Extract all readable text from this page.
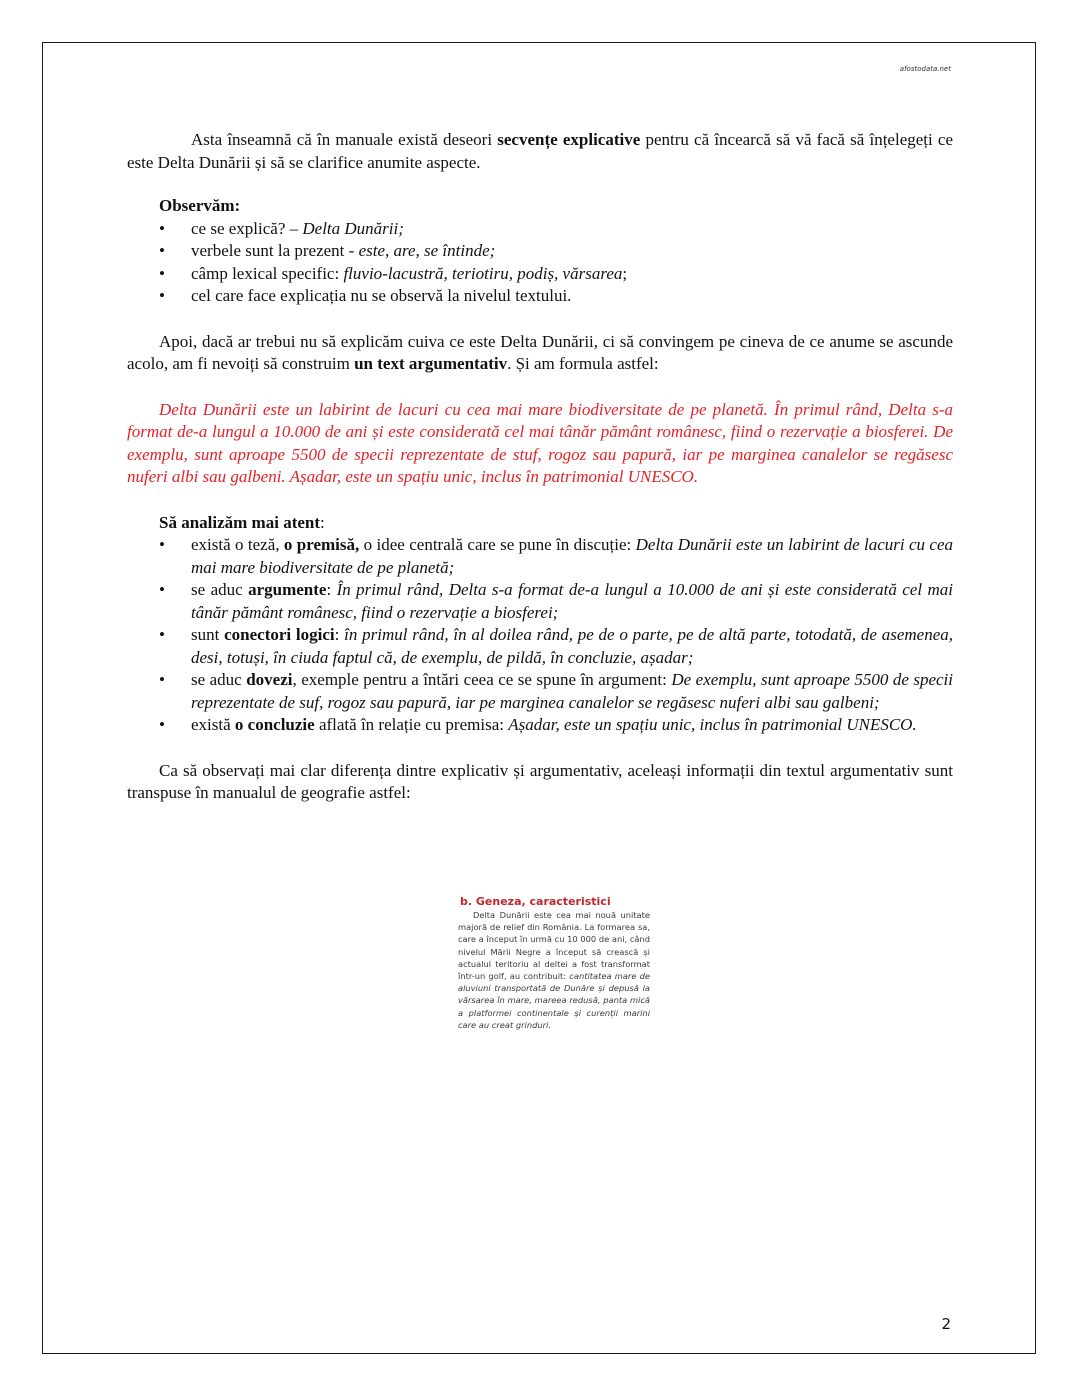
afostodata.net

Asta înseamnă că în manuale există deseori secvențe explicative pentru că încearcă să vă facă să înțelegeți ce este Delta Dunării și să se clarifice anumite aspecte.

Observăm:
• ce se explică? – Delta Dunării;
• verbele sunt la prezent - este, are, se întinde;
• câmp lexical specific: fluvio-lacustră, teriotiru, podiș, vărsarea;
• cel care face explicația nu se observă la nivelul textului.

Apoi, dacă ar trebui nu să explicăm cuiva ce este Delta Dunării, ci să convingem pe cineva de ce anume se ascunde acolo, am fi nevoiți să construim un text argumentativ. Și am formula astfel:

Delta Dunării este un labirint de lacuri cu cea mai mare biodiversitate de pe planetă. În primul rând, Delta s-a format de-a lungul a 10.000 de ani și este considerată cel mai tânăr pământ românesc, fiind o rezervație a biosferei. De exemplu, sunt aproape 5500 de specii reprezentate de stuf, rogoz sau papură, iar pe marginea canalelor se regăsesc nuferi albi sau galbeni. Așadar, este un spațiu unic, inclus în patrimonial UNESCO.

Să analizăm mai atent:
• există o teză, o premisă, o idee centrală care se pune în discuție: Delta Dunării este un labirint de lacuri cu cea mai mare biodiversitate de pe planetă;
• se aduc argumente: În primul rând, Delta s-a format de-a lungul a 10.000 de ani și este considerată cel mai tânăr pământ românesc, fiind o rezervație a biosferei;
• sunt conectori logici: în primul rând, în al doilea rând, pe de o parte, pe de altă parte, totodată, de asemenea, desi, totuși, în ciuda faptul că, de exemplu, de pildă, în concluzie, așadar;
• se aduc dovezi, exemple pentru a întări ceea ce se spune în argument: De exemplu, sunt aproape 5500 de specii reprezentate de suf, rogoz sau papură, iar pe marginea canalelor se regăsesc nuferi albi sau galbeni;
• există o concluzie aflată în relație cu premisa: Așadar, este un spațiu unic, inclus în patrimonial UNESCO.

Ca să observați mai clar diferența dintre explicativ și argumentativ, aceleași informații din textul argumentativ sunt transpuse în manualul de geografie astfel:

b. Geneza, caracteristici
Delta Dunării este cea mai nouă unitate majoră de relief din România. La formarea sa, care a început în urmă cu 10 000 de ani, când nivelul Mării Negre a început să crească și actualul teritoriu al deltei a fost transformat într-un golf, au contribuit: cantitatea mare de aluviuni transportată de Dunăre și depusă la vărsarea în mare, mareea redusă, panta mică a platformei continentale și curenții marini care au creat grinduri.
2
